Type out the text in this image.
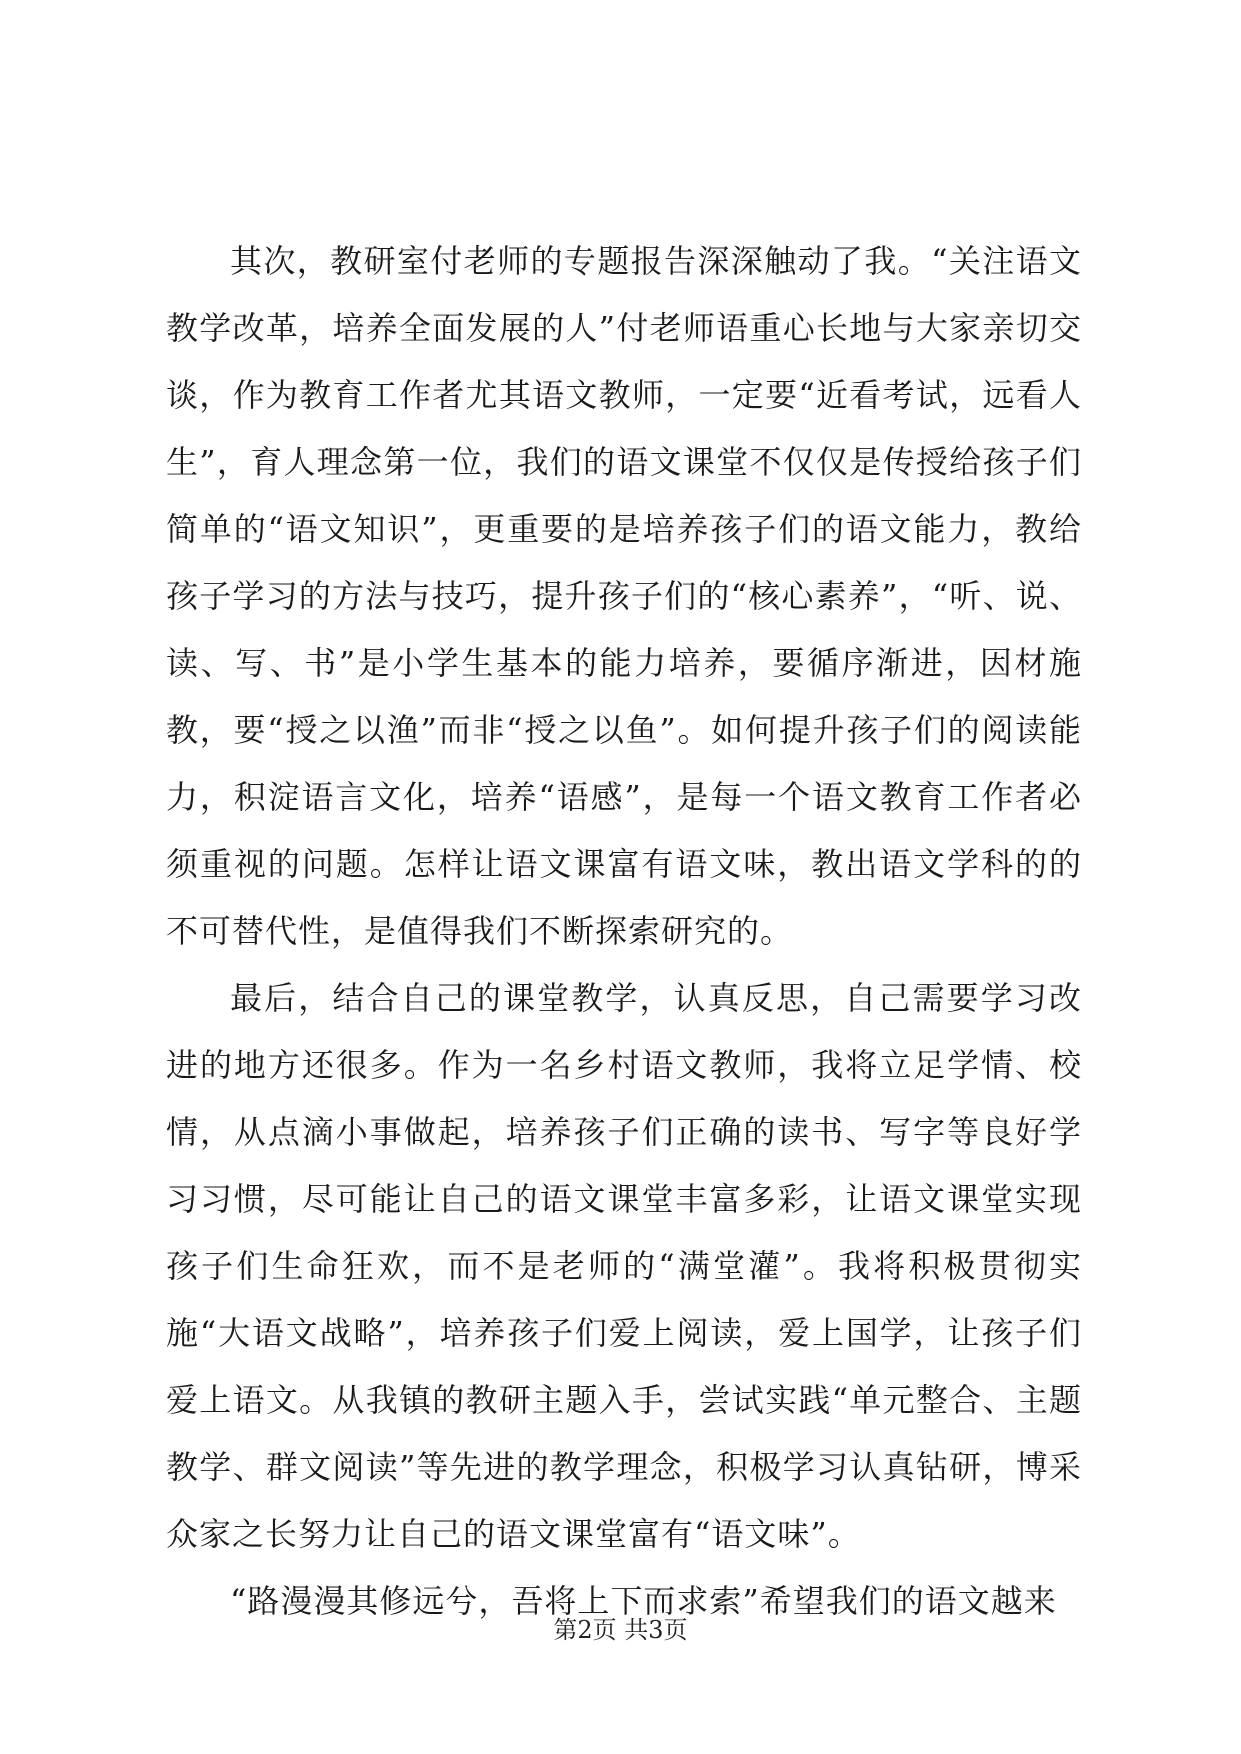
其次，教研室付老师的专题报告深深触动了我。“关注语文教学改革，培养全面发展的人”付老师语重心长地与大家亲切交谈，作为教育工作者尤其语文教师，一定要“近看考试，远看人生”，育人理念第一位，我们的语文课堂不仅仅是传授给孩子们简单的“语文知识”，更重要的是培养孩子们的语文能力，教给孩子学习的方法与技巧，提升孩子们的“核心素养”，“听、说、读、写、书”是小学生基本的能力培养，要循序渐进，因材施教，要“授之以渔”而非“授之以鱼”。如何提升孩子们的阅读能力，积淀语言文化，培养“语感”，是每一个语文教育工作者必须重视的问题。怎样让语文课富有语文味，教出语文学科的的不可替代性，是值得我们不断探索研究的。

最后，结合自己的课堂教学，认真反思，自己需要学习改进的地方还很多。作为一名乡村语文教师，我将立足学情、校情，从点滴小事做起，培养孩子们正确的读书、写字等良好学习习惯，尽可能让自己的语文课堂丰富多彩，让语文课堂实现孩子们生命狂欢，而不是老师的“满堂灌”。我将积极贯彻实施“大语文战略”，培养孩子们爱上阅读，爱上国学，让孩子们爱上语文。从我镇的教研主题入手，尝试实践“单元整合、主题教学、群文阅读”等先进的教学理念，积极学习认真钻研，博采众家之长努力让自己的语文课堂富有“语文味”。

“路漫漫其修远兮，吾将上下而求索”希望我们的语文越来

第2页 共3页
